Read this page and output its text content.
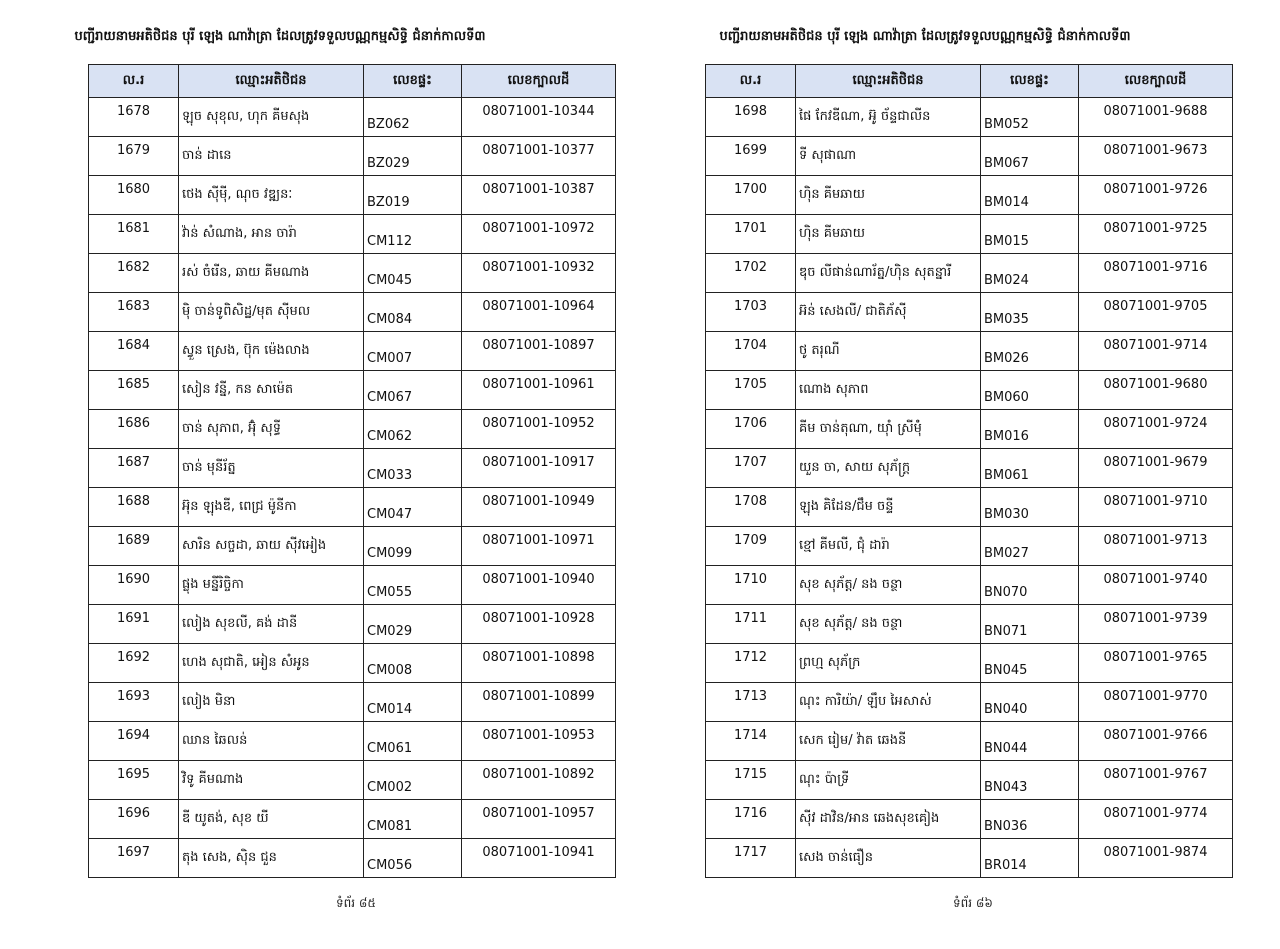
បញ្ជីរាយនាមអតិថិជន បុរី ឡេង ណាវ៉ាត្រា ដែលត្រូវទទួលបណ្ណកម្មសិទ្ធិ ជំនាក់កាលទី៣
ល.រ	ឈ្មោះអតិថិជន	លេខផ្ទះ	លេខក្បាលដី
1678	ឡុច សុខុល, ហុក គីមសុង	BZ062	08071001-10344
1679	ចាន់ ដានេ	BZ029	08071001-10377
1680	ថេង ស៊ីម៉ី, ណុច វឌ្ឍនៈ	BZ019	08071001-10387
1681	វ៉ាន់ សំណាង, អាន ចារ៉ា	CM112	08071001-10972
1682	រស់ ចំរើន, ឆាយ គីមណាង	CM045	08071001-10932
1683	ម៉ិ ចាន់ទូពិសិដ្ឋ/មុត ស៊ីមល	CM084	08071001-10964
1684	ស្វួន ស្រេង, ប៊ុក ម៉េងលាង	CM007	08071001-10897
1685	សៀន វន្នី, កន សាម៉េត	CM067	08071001-10961
1686	ចាន់ សុភាព, អ៊ុំ សុទ្ធី	CM062	08071001-10952
1687	ចាន់ មុនីរ័ត្ន	CM033	08071001-10917
1688	អ៊ុន ឡុងឌី, ពេជ្រ ម៉ូនីកា	CM047	08071001-10949
1689	សារិន សច្ចដា, ឆាយ ស៊ីវអៀង	CM099	08071001-10971
1690	ផ្លុង មន្នីរិច្ចិកា	CM055	08071001-10940
1691	លៀង សុខលី, គង់ ដានី	CM029	08071001-10928
1692	ហេង សុជាតិ, អៀន សំអូន	CM008	08071001-10898
1693	លៀង មិនា	CM014	08071001-10899
1694	ឈាន ឆៃលន់	CM061	08071001-10953
1695	វិទូ គីមណាង	CM002	08071001-10892
1696	ឌី យូតង់, សុខ យី	CM081	08071001-10957
1697	តុង សេង, ស៊ិន ជួន	CM056	08071001-10941
ទំព័រ ៨៥
បញ្ជីរាយនាមអតិថិជន បុរី ឡេង ណាវ៉ាត្រា ដែលត្រូវទទួលបណ្ណកម្មសិទ្ធិ ជំនាក់កាលទី៣
ល.រ	ឈ្មោះអតិថិជន	លេខផ្ទះ	លេខក្បាលដី
1698	ផៃ កែវឌីណា, អ៊ូ ច័ន្ទជាលីន	BM052	08071001-9688
1699	ទី សុផាណា	BM067	08071001-9673
1700	ហ៊ិន គីមឆាយ	BM014	08071001-9726
1701	ហ៊ិន គីមឆាយ	BM015	08071001-9725
1702	ឌុច លីផាន់ណារ័ត្ន/ហ៊ិន សុតន្នារី	BM024	08071001-9716
1703	អ៊ន់ សេងលី/ ជាតិភ័ស៊ី	BM035	08071001-9705
1704	ថូ តរុណី	BM026	08071001-9714
1705	ណោង សុភាព	BM060	08071001-9680
1706	គីម ចាន់តុណា, យ៉ាំ ស្រីម៉ុំ	BM016	08071001-9724
1707	យួន ចា, សាយ សុភ័ក្ត្រ	BM061	08071001-9679
1708	ឡុង គិដែន/ជឹម ចន្ទី	BM030	08071001-9710
1709	ខ្មៅ គីមលី, ជុំ ដារ៉ា	BM027	08071001-9713
1710	សុខ សុភ័ត្ត/ នង ចន្ថា	BN070	08071001-9740
1711	សុខ សុភ័ត្ត/ នង ចន្ថា	BN071	08071001-9739
1712	ព្រហ្ម សុភ័ក្រ	BN045	08071001-9765
1713	ណុះ ការិយ៉ា/ ឡឹប អៃសាស់	BN040	08071001-9770
1714	សេក រៀម/ វ៉ាត ឆេងនី	BN044	08071001-9766
1715	ណុះ ប៉ាទ្រី	BN043	08071001-9767
1716	ស៊ីវ ដាវិន/អាន ឆេងសុខគៀង	BN036	08071001-9774
1717	សេង ចាន់ធឿន	BR014	08071001-9874
ទំព័រ ៨៦
